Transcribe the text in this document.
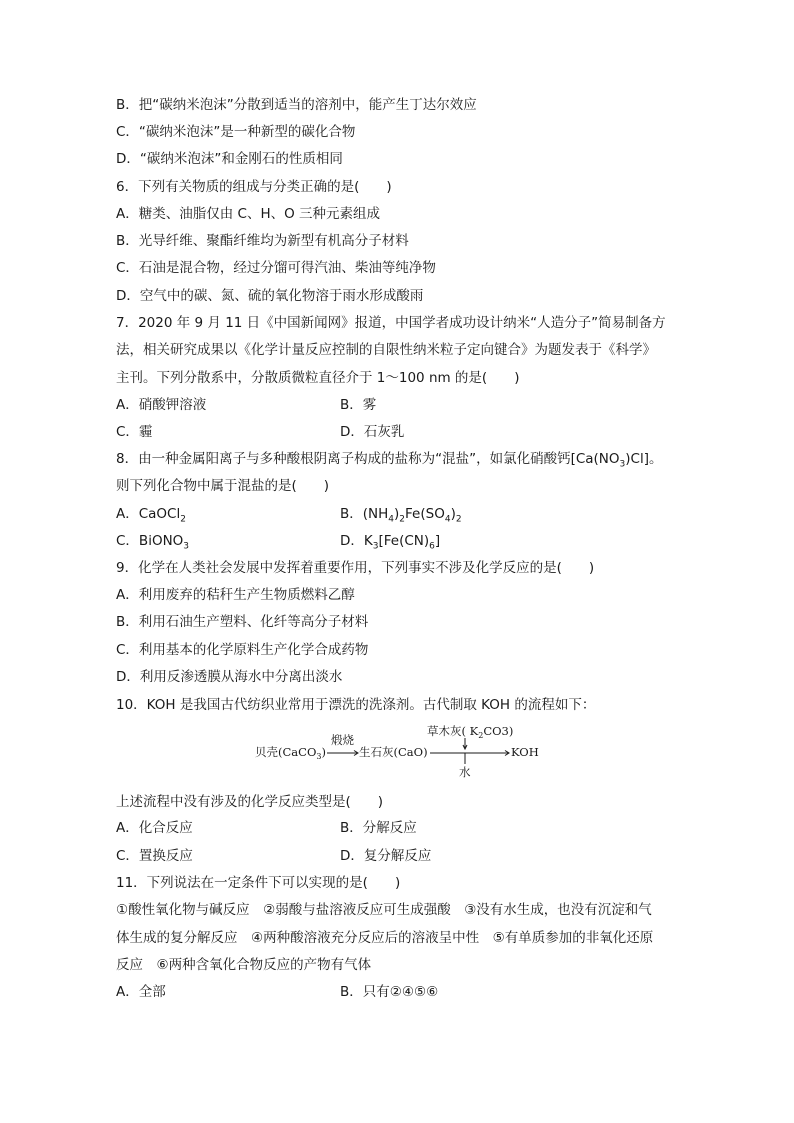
B．把“碳纳米泡沫”分散到适当的溶剂中，能产生丁达尔效应
C．“碳纳米泡沫”是一种新型的碳化合物
D．“碳纳米泡沫”和金刚石的性质相同
6．下列有关物质的组成与分类正确的是(　　)
A．糖类、油脂仅由 C、H、O 三种元素组成
B．光导纤维、聚酯纤维均为新型有机高分子材料
C．石油是混合物，经过分馏可得汽油、柴油等纯净物
D．空气中的碳、氮、硫的氧化物溶于雨水形成酸雨
7．2020 年 9 月 11 日《中国新闻网》报道，中国学者成功设计纳米“人造分子”简易制备方
法，相关研究成果以《化学计量反应控制的自限性纳米粒子定向键合》为题发表于《科学》
主刊。下列分散系中，分散质微粒直径介于 1～100 nm 的是(　　)
A．硝酸钾溶液	B．雾
C．霾	D．石灰乳
8．由一种金属阳离子与多种酸根阴离子构成的盐称为“混盐”，如氯化硝酸钙$[Ca(NO_3)Cl]$。
则下列化合物中属于混盐的是(　　)
A．CaOCl$_2$	B．$(NH_4)_2Fe(SO_4)_2$
C．BiONO$_3$	D．$K_3[Fe(CN)_6]$
9．化学在人类社会发展中发挥着重要作用，下列事实不涉及化学反应的是(　　)
A．利用废弃的秸秆生产生物质燃料乙醇
B．利用石油生产塑料、化纤等高分子材料
C．利用基本的化学原料生产化学合成药物
D．利用反渗透膜从海水中分离出淡水
10．KOH 是我国古代纺织业常用于漂洗的洗涤剂。古代制取 KOH 的流程如下：
贝壳(CaCO$_3$)
煅烧
生石灰(CaO)
草木灰( $K_2CO3$)
水
KOH
上述流程中没有涉及的化学反应类型是(　　)
A．化合反应	B．分解反应
C．置换反应	D．复分解反应
11．下列说法在一定条件下可以实现的是(　　)
①酸性氧化物与碱反应　②弱酸与盐溶液反应可生成强酸　③没有水生成，也没有沉淀和气
体生成的复分解反应　④两种酸溶液充分反应后的溶液呈中性　⑤有单质参加的非氧化还原
反应　⑥两种含氧化合物反应的产物有气体
A．全部	B．只有②④⑤⑥
